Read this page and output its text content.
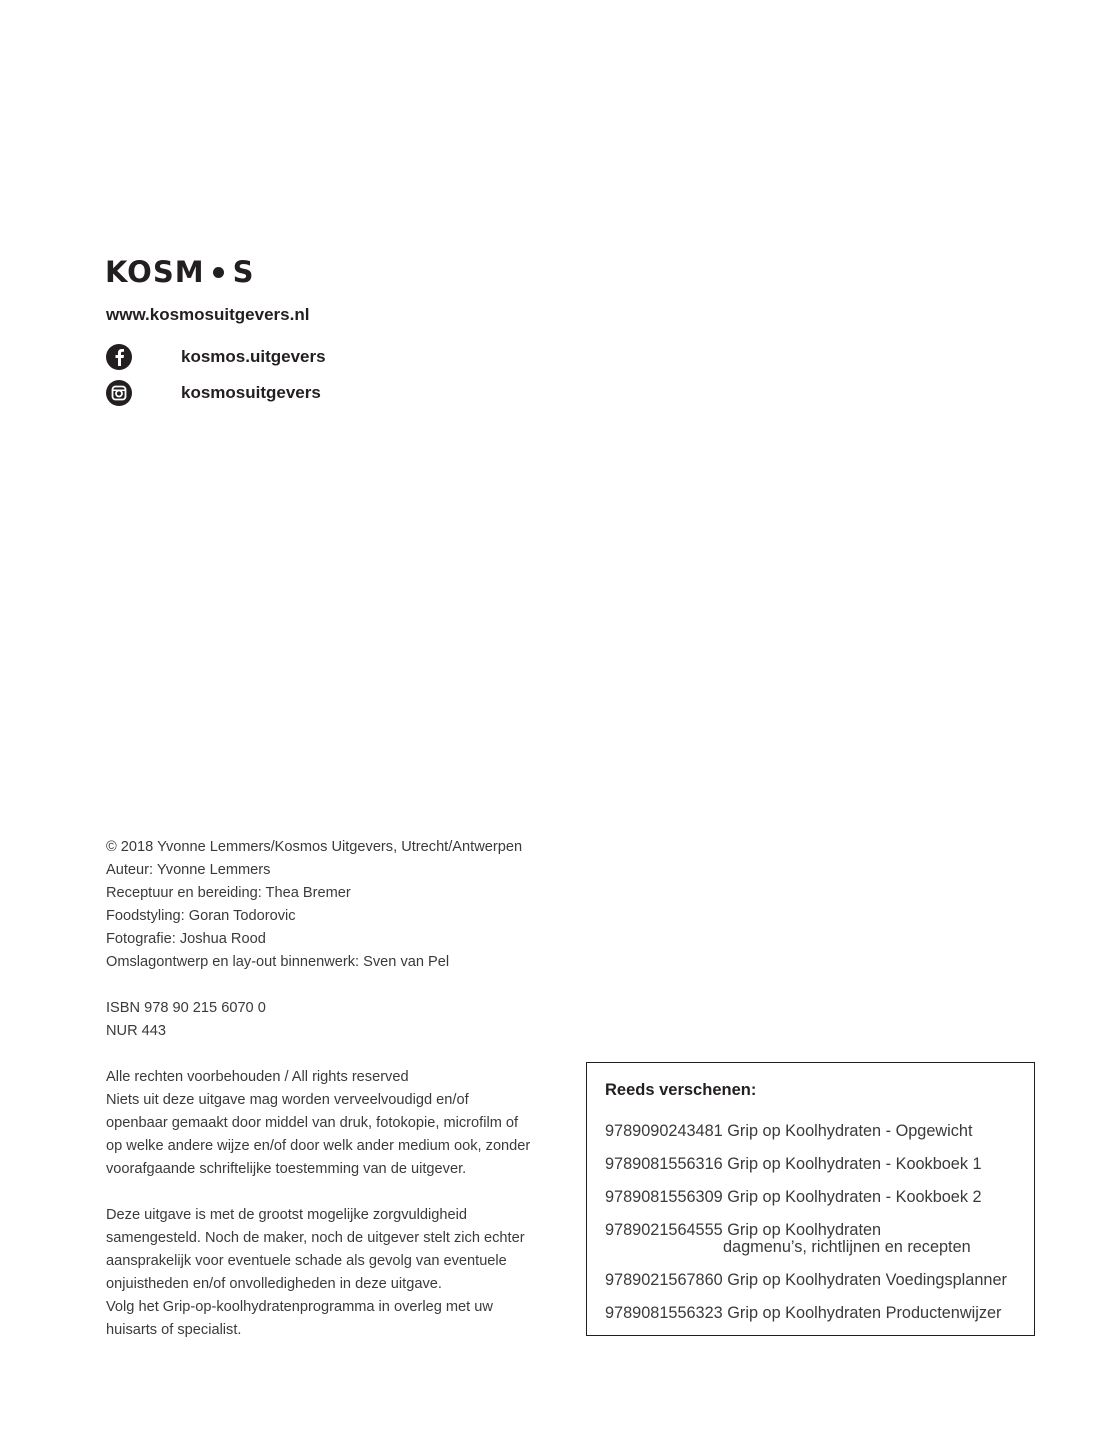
KOSM S
www.kosmosuitgevers.nl
kosmos.uitgevers
kosmosuitgevers
© 2018 Yvonne Lemmers/Kosmos Uitgevers, Utrecht/Antwerpen
Auteur: Yvonne Lemmers
Receptuur en bereiding: Thea Bremer
Foodstyling: Goran Todorovic
Fotografie: Joshua Rood
Omslagontwerp en lay-out binnenwerk: Sven van Pel
ISBN 978 90 215 6070 0
NUR 443
Alle rechten voorbehouden / All rights reserved
Niets uit deze uitgave mag worden verveelvoudigd en/of
openbaar gemaakt door middel van druk, fotokopie, microfilm of
op welke andere wijze en/of door welk ander medium ook, zonder
voorafgaande schriftelijke toestemming van de uitgever.
Deze uitgave is met de grootst mogelijke zorgvuldigheid
samengesteld. Noch de maker, noch de uitgever stelt zich echter
aansprakelijk voor eventuele schade als gevolg van eventuele
onjuistheden en/of onvolledigheden in deze uitgave.
Volg het Grip-op-koolhydratenprogramma in overleg met uw
huisarts of specialist.
Reeds verschenen:
9789090243481 Grip op Koolhydraten - Opgewicht
9789081556316 Grip op Koolhydraten - Kookboek 1
9789081556309 Grip op Koolhydraten - Kookboek 2
9789021564555 Grip op Koolhydraten
dagmenu’s, richtlijnen en recepten
9789021567860 Grip op Koolhydraten Voedingsplanner
9789081556323 Grip op Koolhydraten Productenwijzer
